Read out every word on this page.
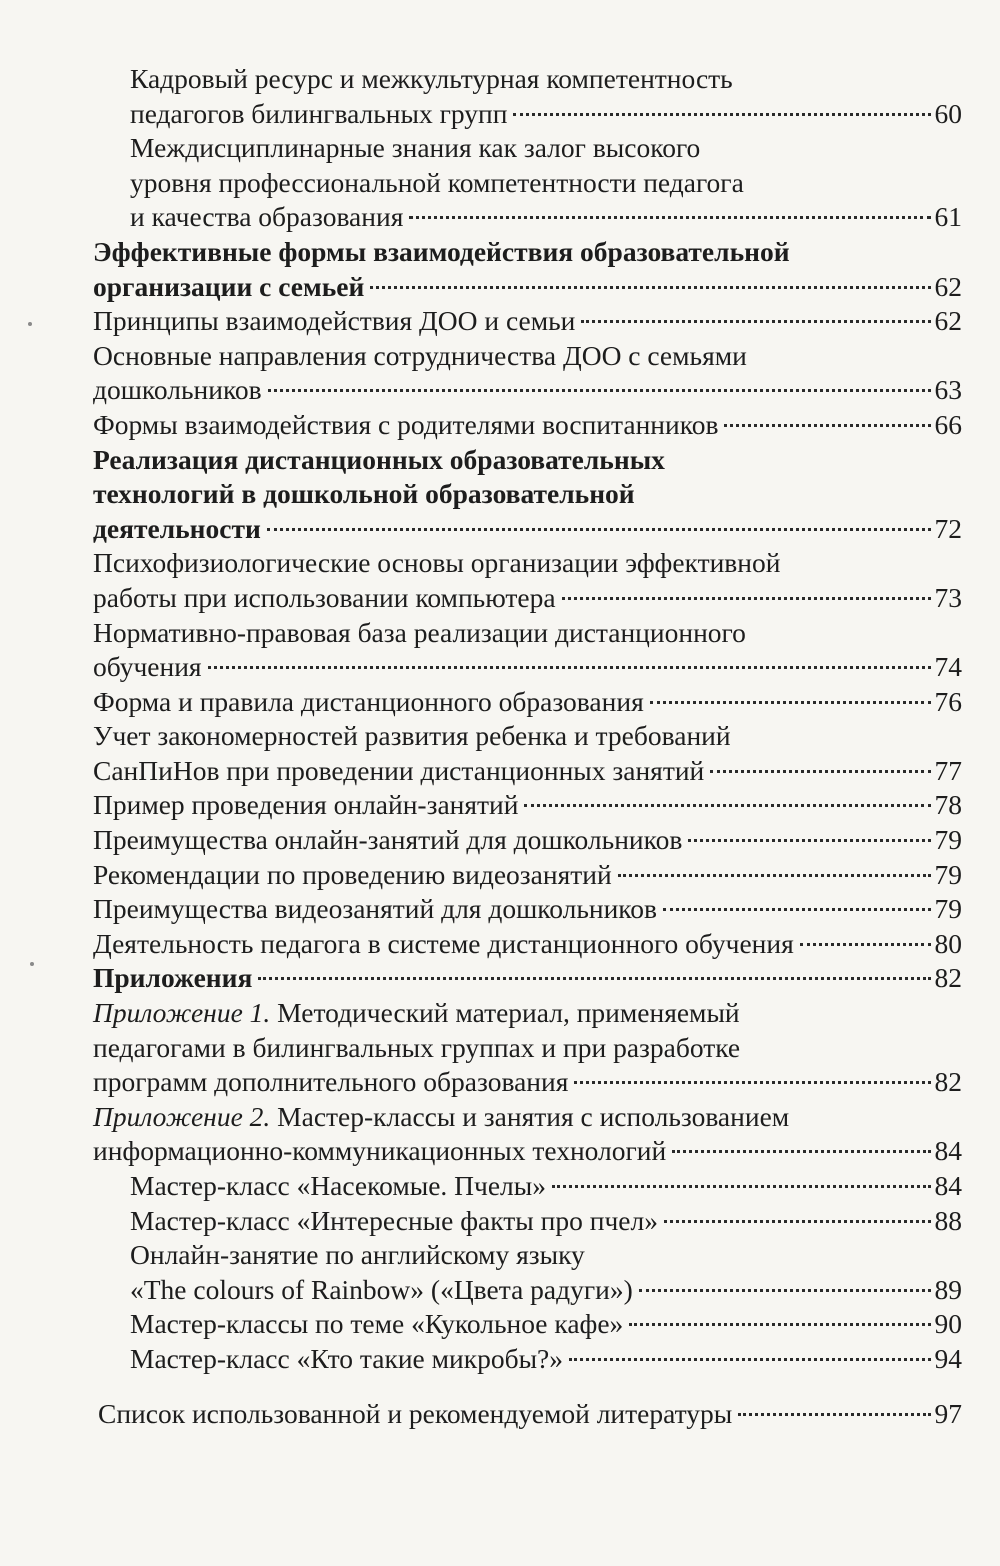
Кадровый ресурс и межкультурная компетентность
педагогов билингвальных групп	60
Междисциплинарные знания как залог высокого
уровня профессиональной компетентности педагога
и качества образования	61
Эффективные формы взаимодействия образовательной
организации с семьей	62
Принципы взаимодействия ДОО и семьи	62
Основные направления сотрудничества ДОО с семьями
дошкольников	63
Формы взаимодействия с родителями воспитанников	66
Реализация дистанционных образовательных
технологий в дошкольной образовательной
деятельности	72
Психофизиологические основы организации эффективной
работы при использовании компьютера	73
Нормативно-правовая база реализации дистанционного
обучения	74
Форма и правила дистанционного образования	76
Учет закономерностей развития ребенка и требований
СанПиНов при проведении дистанционных занятий	77
Пример проведения онлайн-занятий	78
Преимущества онлайн-занятий для дошкольников	79
Рекомендации по проведению видеозанятий	79
Преимущества видеозанятий для дошкольников	79
Деятельность педагога в системе дистанционного обучения	80
Приложения	82
Приложение 1. Методический материал, применяемый
педагогами в билингвальных группах и при разработке
программ дополнительного образования	82
Приложение 2. Мастер-классы и занятия с использованием
информационно-коммуникационных технологий	84
Мастер-класс «Насекомые. Пчелы»	84
Мастер-класс «Интересные факты про пчел»	88
Онлайн-занятие по английскому языку
«The colours of Rainbow» («Цвета радуги»)	89
Мастер-классы по теме «Кукольное кафе»	90
Мастер-класс «Кто такие микробы?»	94
Список использованной и рекомендуемой литературы	97
